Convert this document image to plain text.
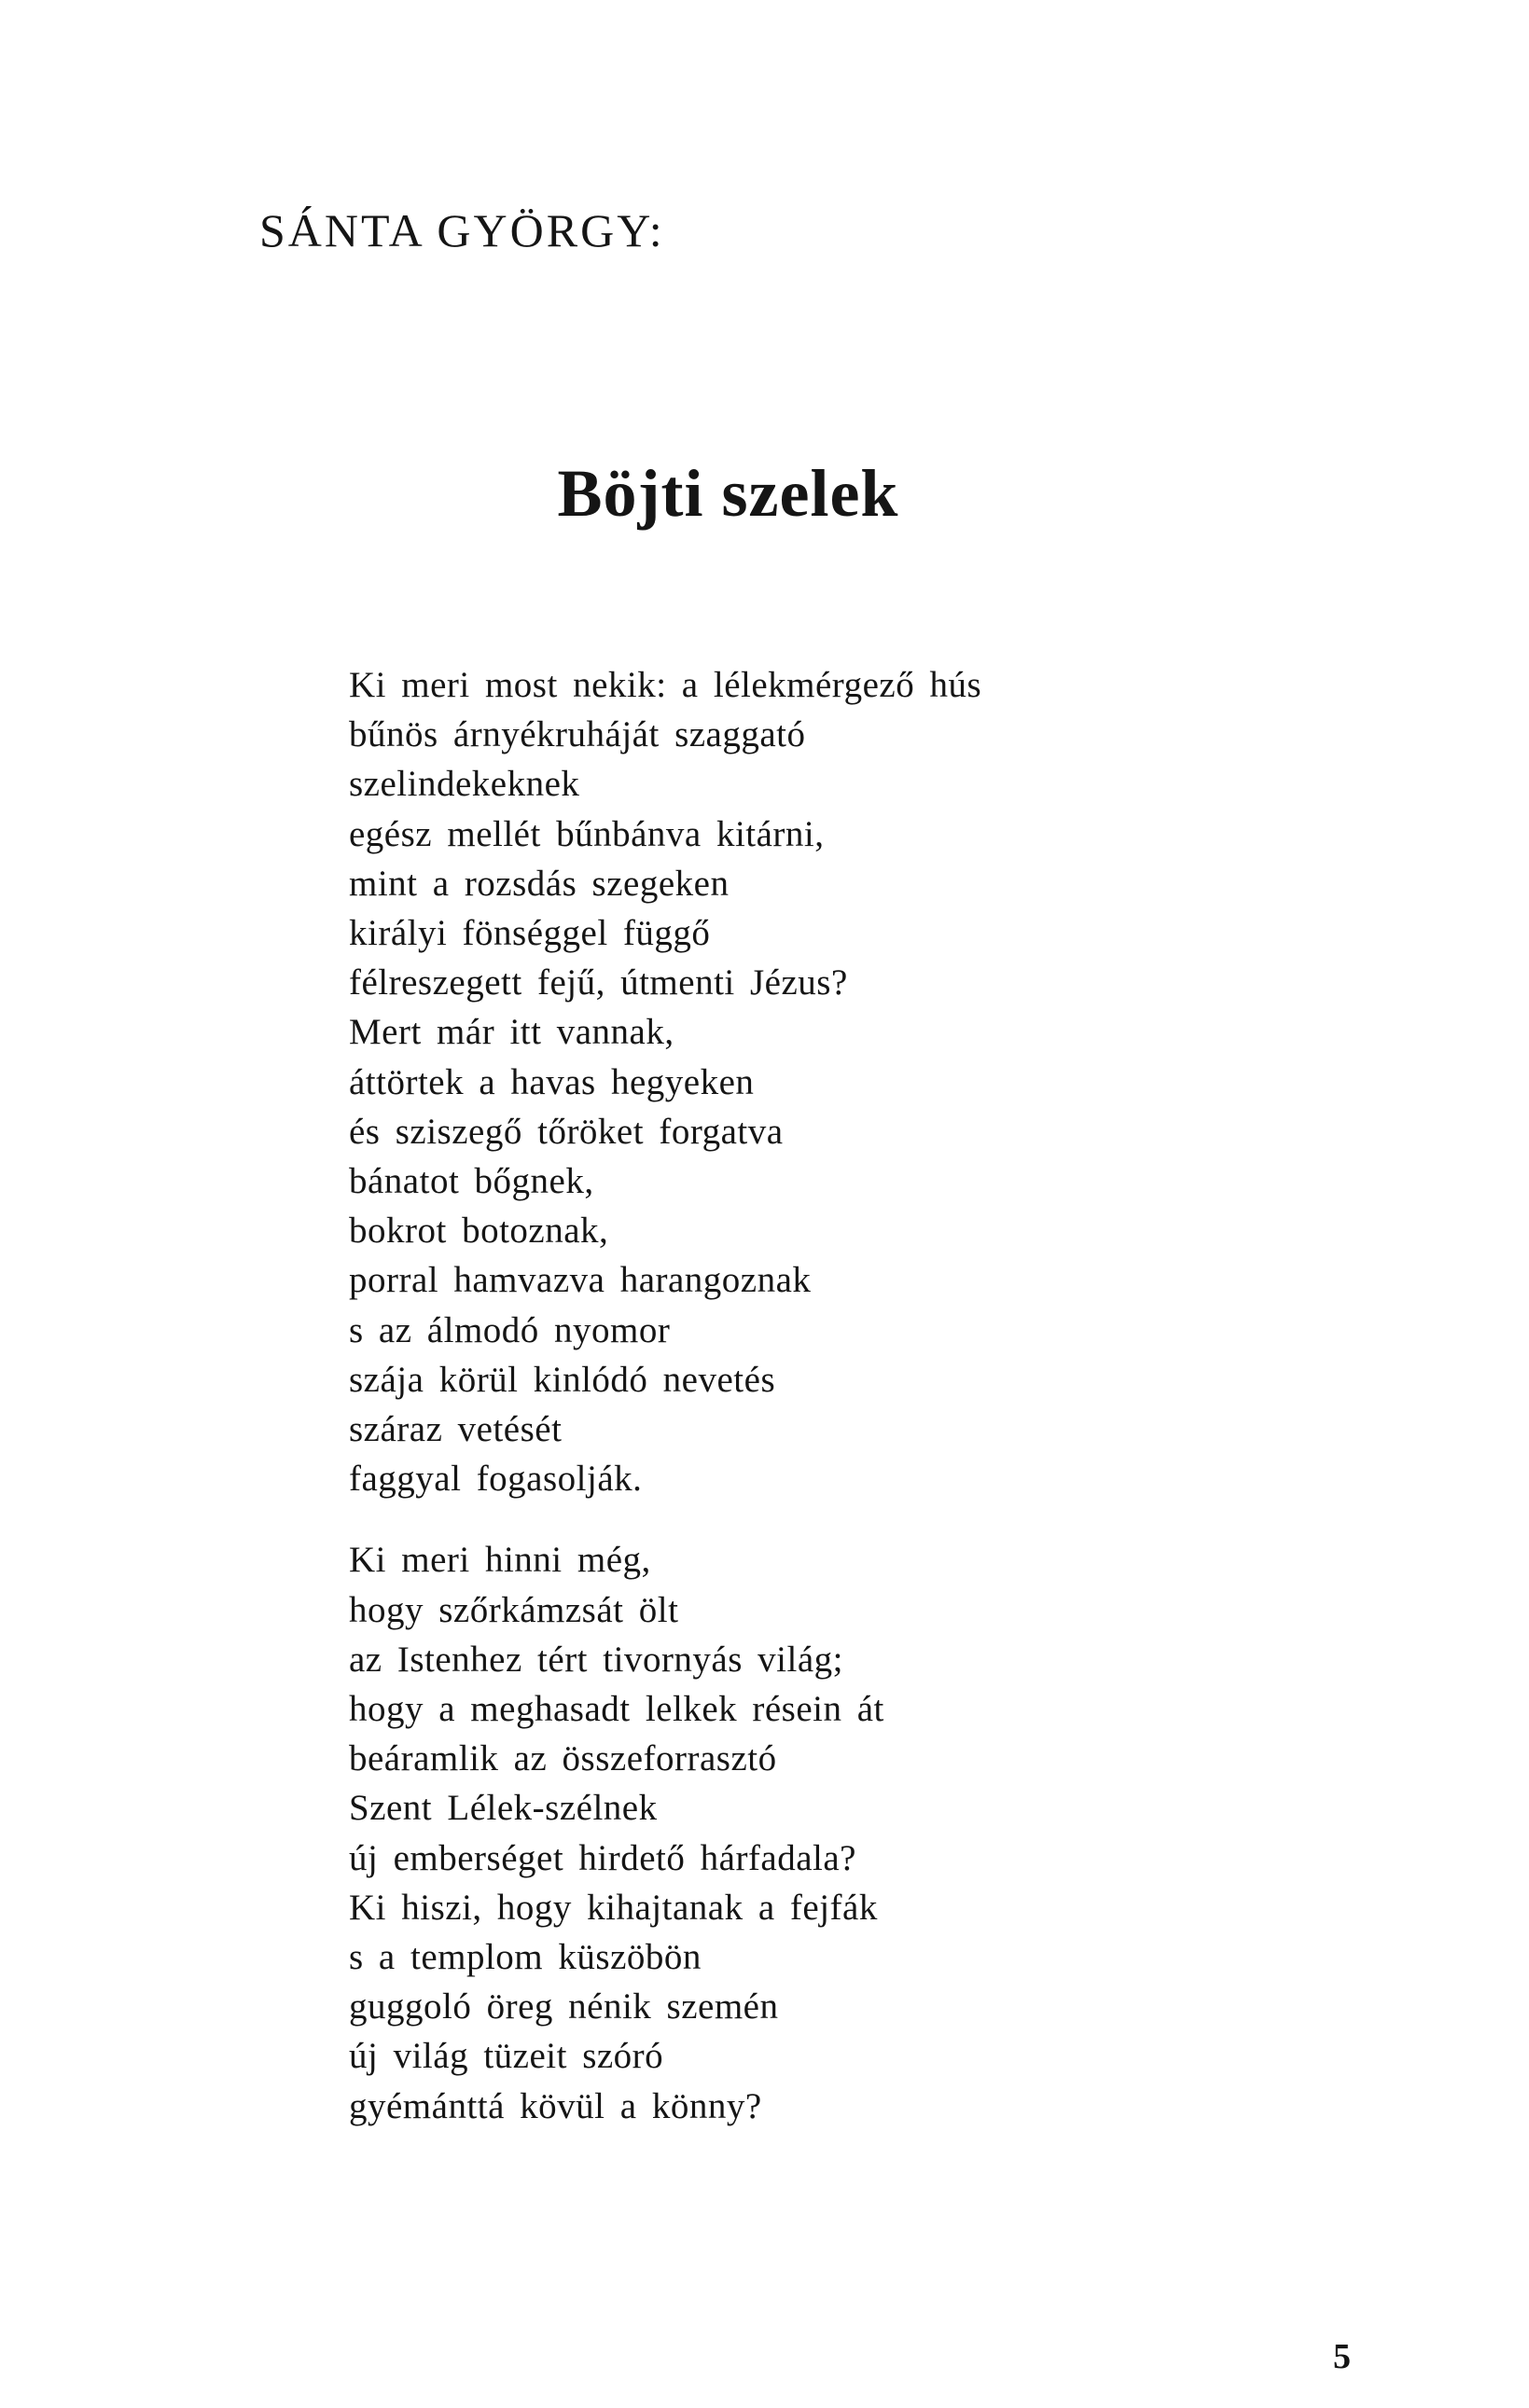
SÁNTA GYÖRGY:
Böjti szelek
Ki meri most nekik: a lélekmérgező hús
bűnös árnyékruháját szaggató
szelindekeknek
egész mellét bűnbánva kitárni,
mint a rozsdás szegeken
királyi fönséggel függő
félreszegett fejű, útmenti Jézus?
Mert már itt vannak,
áttörtek a havas hegyeken
és sziszegő tőröket forgatva
bánatot bőgnek,
bokrot botoznak,
porral hamvazva harangoznak
s az álmodó nyomor
szája körül kinlódó nevetés
száraz vetését
faggyal fogasolják.
Ki meri hinni még,
hogy szőrkámzsát ölt
az Istenhez tért tivornyás világ;
hogy a meghasadt lelkek résein át
beáramlik az összeforrasztó
Szent Lélek-szélnek
új emberséget hirdető hárfadala?
Ki hiszi, hogy kihajtanak a fejfák
s a templom küszöbön
guggoló öreg nénik szemén
új világ tüzeit szóró
gyémánttá kövül a könny?
5
